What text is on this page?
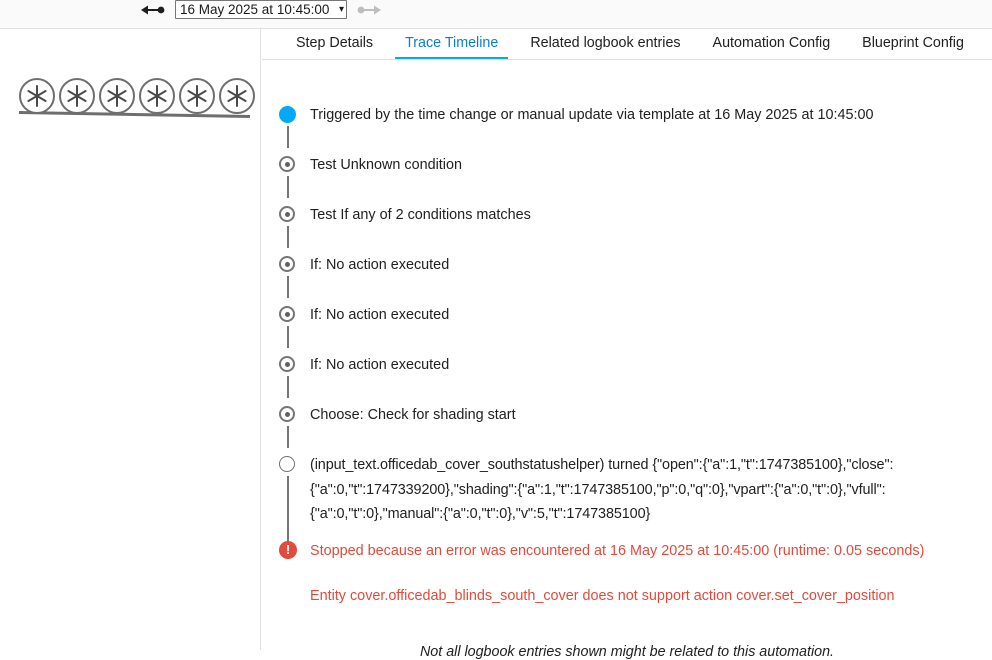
16 May 2025 at 10:45:00 ▾
Step Details	Trace Timeline	Related logbook entries	Automation Config	Blueprint Config
Triggered by the time change or manual update via template at 16 May 2025 at 10:45:00
Test Unknown condition
Test If any of 2 conditions matches
If: No action executed
If: No action executed
If: No action executed
Choose: Check for shading start
(input_text.officedab_cover_southstatushelper) turned {"open":{"a":1,"t":1747385100},"close":{"a":0,"t":1747339200},"shading":{"a":1,"t":1747385100,"p":0,"q":0},"vpart":{"a":0,"t":0},"vfull":{"a":0,"t":0},"manual":{"a":0,"t":0},"v":5,"t":1747385100}
!	Stopped because an error was encountered at 16 May 2025 at 10:45:00 (runtime: 0.05 seconds)
Entity cover.officedab_blinds_south_cover does not support action cover.set_cover_position
Not all logbook entries shown might be related to this automation.
